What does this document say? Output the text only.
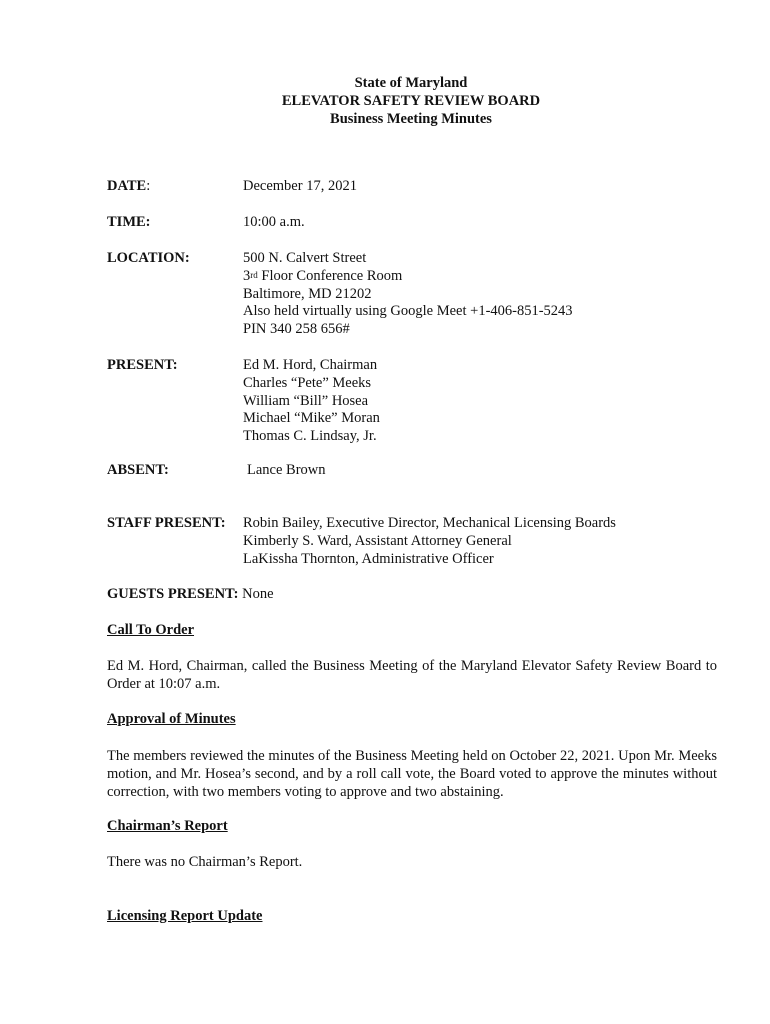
State of Maryland
ELEVATOR SAFETY REVIEW BOARD
Business Meeting Minutes
DATE:	December 17, 2021
TIME:	10:00 a.m.
LOCATION:	500 N. Calvert Street
3rd Floor Conference Room
Baltimore, MD 21202
Also held virtually using Google Meet +1-406-851-5243
PIN 340 258 656#
PRESENT:	Ed M. Hord, Chairman
Charles “Pete” Meeks
William “Bill” Hosea
Michael “Mike” Moran
Thomas C. Lindsay, Jr.
ABSENT:	Lance Brown
STAFF PRESENT: Robin Bailey, Executive Director, Mechanical Licensing Boards
Kimberly S. Ward, Assistant Attorney General
LaKissha Thornton, Administrative Officer
GUESTS PRESENT: None
Call To Order
Ed M. Hord, Chairman, called the Business Meeting of the Maryland Elevator Safety Review Board to Order at 10:07 a.m.
Approval of Minutes
The members reviewed the minutes of the Business Meeting held on October 22, 2021. Upon Mr. Meeks motion, and Mr. Hosea’s second, and by a roll call vote, the Board voted to approve the minutes without correction, with two members voting to approve and two abstaining.
Chairman’s Report
There was no Chairman’s Report.
Licensing Report Update
